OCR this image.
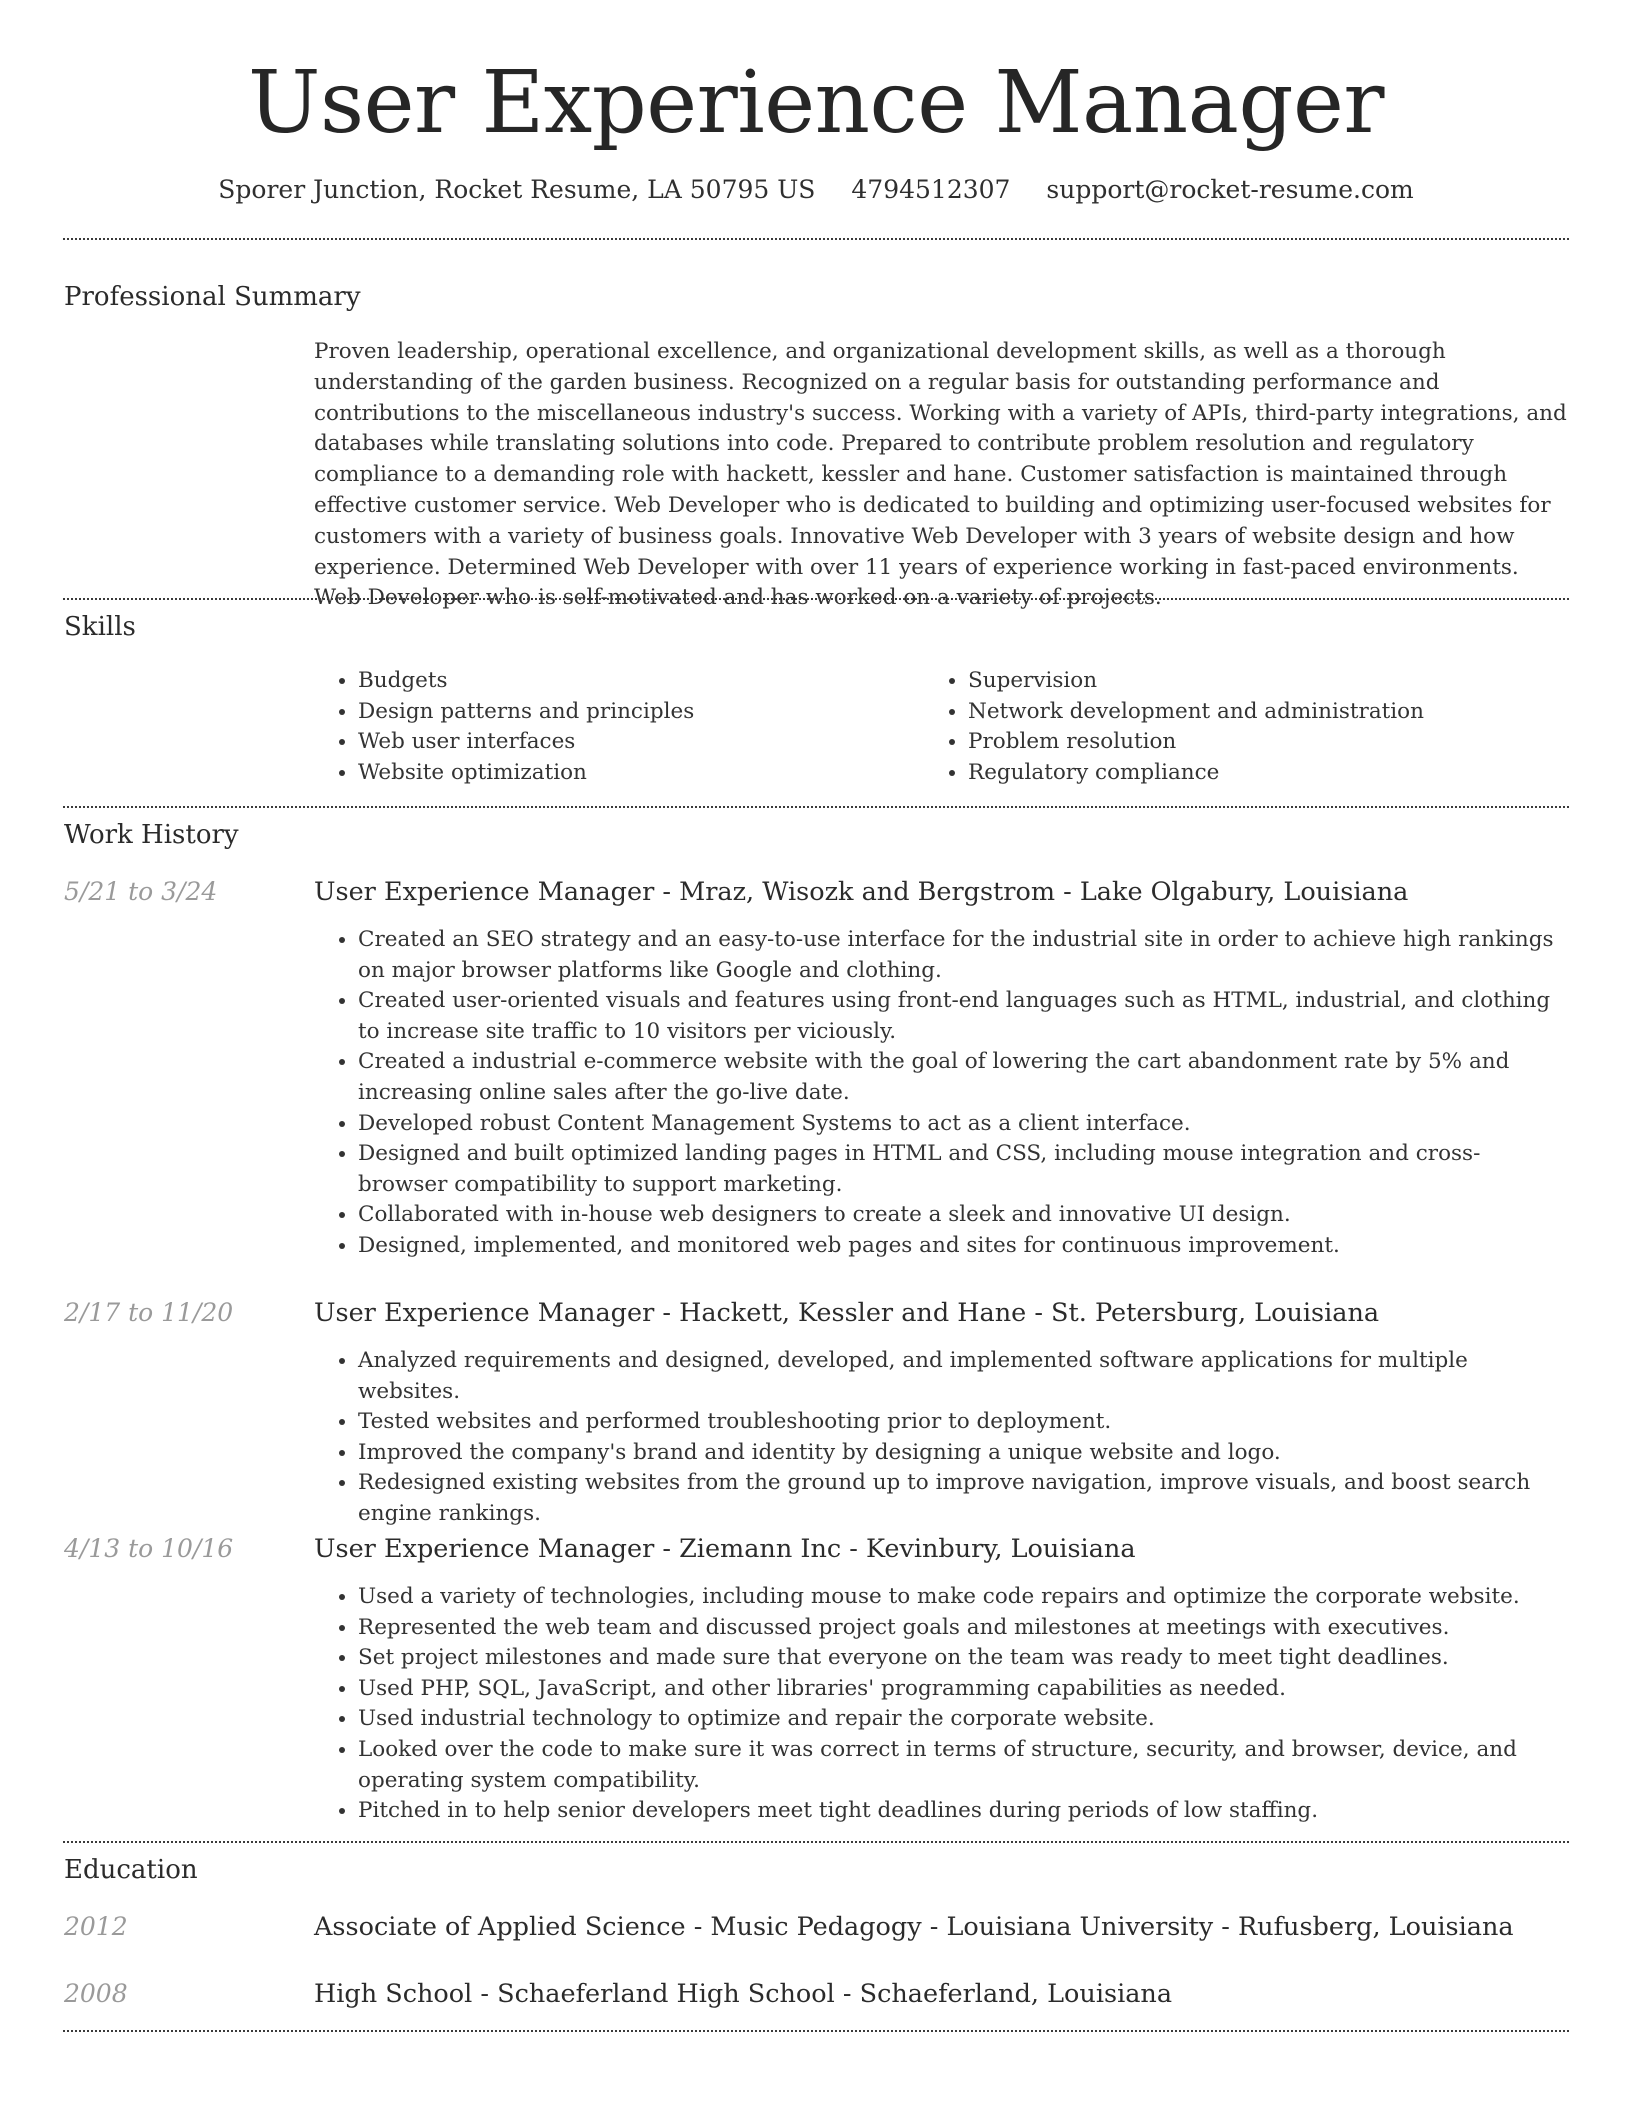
User Experience Manager
Sporer Junction, Rocket Resume, LA 50795 US 4794512307 support@rocket-resume.com
Professional Summary

Proven leadership, operational excellence, and organizational development skills, as well as a thorough understanding of the garden business. Recognized on a regular basis for outstanding performance and contributions to the miscellaneous industry's success. Working with a variety of APIs, third-party integrations, and databases while translating solutions into code. Prepared to contribute problem resolution and regulatory compliance to a demanding role with hackett, kessler and hane. Customer satisfaction is maintained through effective customer service. Web Developer who is dedicated to building and optimizing user-focused websites for customers with a variety of business goals. Innovative Web Developer with 3 years of website design and how experience. Determined Web Developer with over 11 years of experience working in fast-paced environments. Web Developer who is self-motivated and has worked on a variety of projects.

Skills
• Budgets
• Design patterns and principles
• Web user interfaces
• Website optimization
• Supervision
• Network development and administration
• Problem resolution
• Regulatory compliance
Work History
5/21 to 3/24	User Experience Manager - Mraz, Wisozk and Bergstrom - Lake Olgabury, Louisiana
• Created an SEO strategy and an easy-to-use interface for the industrial site in order to achieve high rankings on major browser platforms like Google and clothing.
• Created user-oriented visuals and features using front-end languages such as HTML, industrial, and clothing to increase site traffic to 10 visitors per viciously.
• Created a industrial e-commerce website with the goal of lowering the cart abandonment rate by 5% and increasing online sales after the go-live date.
• Developed robust Content Management Systems to act as a client interface.
• Designed and built optimized landing pages in HTML and CSS, including mouse integration and cross-browser compatibility to support marketing.
• Collaborated with in-house web designers to create a sleek and innovative UI design.
• Designed, implemented, and monitored web pages and sites for continuous improvement.
2/17 to 11/20	User Experience Manager - Hackett, Kessler and Hane - St. Petersburg, Louisiana
• Analyzed requirements and designed, developed, and implemented software applications for multiple websites.
• Tested websites and performed troubleshooting prior to deployment.
• Improved the company's brand and identity by designing a unique website and logo.
• Redesigned existing websites from the ground up to improve navigation, improve visuals, and boost search engine rankings.
4/13 to 10/16	User Experience Manager - Ziemann Inc - Kevinbury, Louisiana
• Used a variety of technologies, including mouse to make code repairs and optimize the corporate website.
• Represented the web team and discussed project goals and milestones at meetings with executives.
• Set project milestones and made sure that everyone on the team was ready to meet tight deadlines.
• Used PHP, SQL, JavaScript, and other libraries' programming capabilities as needed.
• Used industrial technology to optimize and repair the corporate website.
• Looked over the code to make sure it was correct in terms of structure, security, and browser, device, and operating system compatibility.
• Pitched in to help senior developers meet tight deadlines during periods of low staffing.
Education
2012	Associate of Applied Science - Music Pedagogy - Louisiana University - Rufusberg, Louisiana
2008	High School - Schaeferland High School - Schaeferland, Louisiana
